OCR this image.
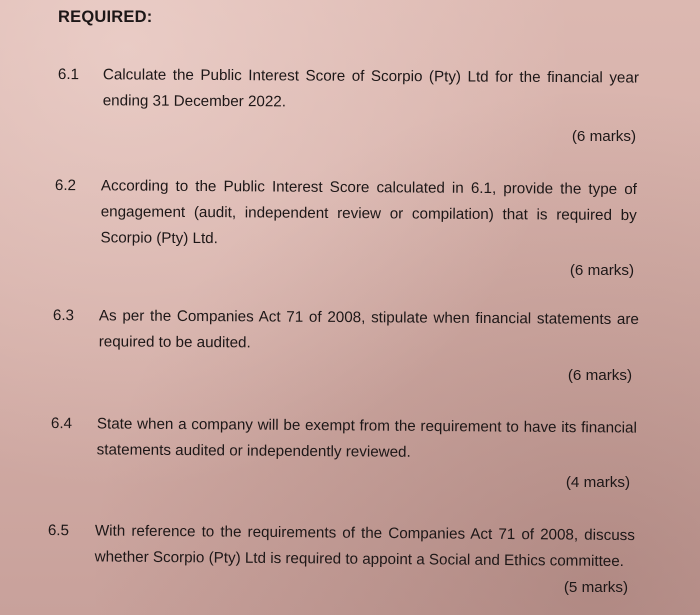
REQUIRED:
6.1 Calculate the Public Interest Score of Scorpio (Pty) Ltd for the financial year ending 31 December 2022.
(6 marks)
6.2 According to the Public Interest Score calculated in 6.1, provide the type of engagement (audit, independent review or compilation) that is required by Scorpio (Pty) Ltd.
(6 marks)
6.3 As per the Companies Act 71 of 2008, stipulate when financial statements are required to be audited.
(6 marks)
6.4 State when a company will be exempt from the requirement to have its financial statements audited or independently reviewed.
(4 marks)
6.5 With reference to the requirements of the Companies Act 71 of 2008, discuss whether Scorpio (Pty) Ltd is required to appoint a Social and Ethics committee.
(5 marks)
